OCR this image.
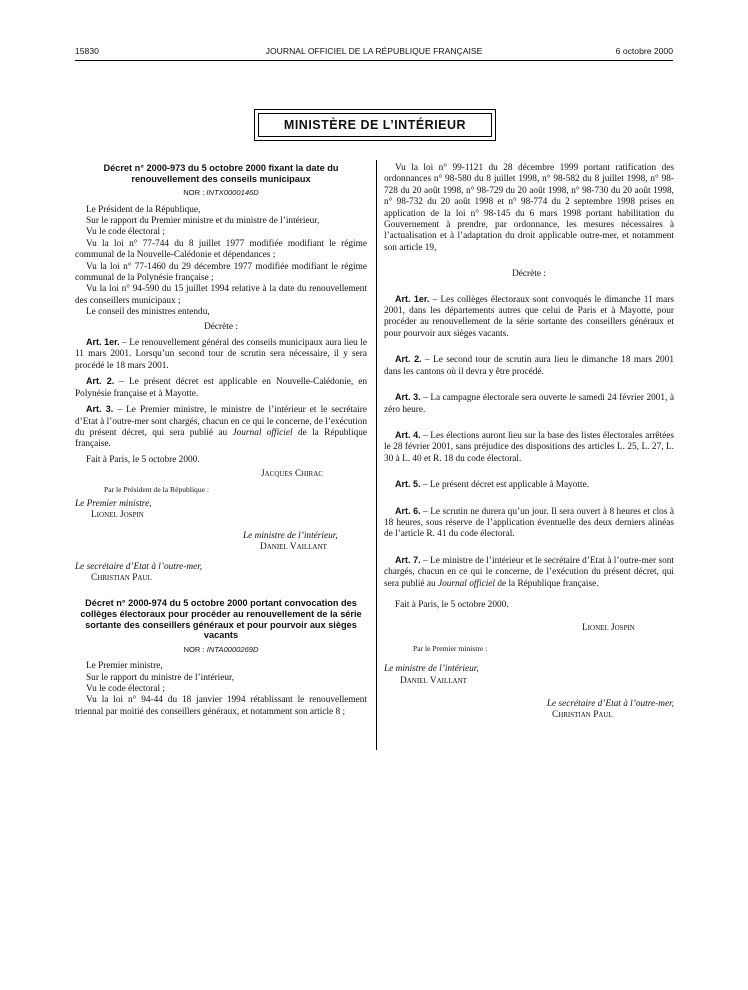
15830	JOURNAL OFFICIEL DE LA RÉPUBLIQUE FRANÇAISE	6 octobre 2000
MINISTÈRE DE L’INTÉRIEUR

Décret n° 2000-973 du 5 octobre 2000 fixant la date du renouvellement des conseils municipaux

NOR : INTX0000146D

Le Président de la République,

Sur le rapport du Premier ministre et du ministre de l’intérieur,

Vu le code électoral ;

Vu la loi n° 77-744 du 8 juillet 1977 modifiée modifiant le régime communal de la Nouvelle-Calédonie et dépendances ;

Vu la loi n° 77-1460 du 29 décembre 1977 modifiée modifiant le régime communal de la Polynésie française ;

Vu la loi n° 94-590 du 15 juillet 1994 relative à la date du renouvellement des conseillers municipaux ;

Le conseil des ministres entendu,

Décrète :

Art. 1er. – Le renouvellement général des conseils municipaux aura lieu le 11 mars 2001. Lorsqu’un second tour de scrutin sera nécessaire, il y sera procédé le 18 mars 2001.

Art. 2. – Le présent décret est applicable en Nouvelle-Calédonie, en Polynésie française et à Mayotte.

Art. 3. – Le Premier ministre, le ministre de l’intérieur et le secrétaire d’Etat à l’outre-mer sont chargés, chacun en ce qui le concerne, de l’exécution du présent décret, qui sera publié au Journal officiel de la République française.

Fait à Paris, le 5 octobre 2000.

Jacques Chirac

Par le Président de la République :

Le Premier ministre,

Lionel Jospin

Le ministre de l’intérieur,

Daniel Vaillant

Le secrétaire d’Etat à l’outre-mer,

Christian Paul

Décret n° 2000-974 du 5 octobre 2000 portant convocation des collèges électoraux pour procéder au renouvellement de la série sortante des conseillers généraux et pour pourvoir aux sièges vacants

NOR : INTA0000269D

Le Premier ministre,

Sur le rapport du ministre de l’intérieur,

Vu le code électoral ;

Vu la loi n° 94-44 du 18 janvier 1994 rétablissant le renouvellement triennal par moitié des conseillers généraux, et notamment son article 8 ;

Vu la loi n° 99-1121 du 28 décembre 1999 portant ratification des ordonnances n° 98-580 du 8 juillet 1998, n° 98-582 du 8 juillet 1998, n° 98-728 du 20 août 1998, n° 98-729 du 20 août 1998, n° 98-730 du 20 août 1998, n° 98-732 du 20 août 1998 et n° 98-774 du 2 septembre 1998 prises en application de la loi n° 98-145 du 6 mars 1998 portant habilitation du Gouvernement à prendre, par ordonnance, les mesures nécessaires à l’actualisation et à l’adaptation du droit applicable outre-mer, et notamment son article 19,

Décrète :

Art. 1er. – Les collèges électoraux sont convoqués le dimanche 11 mars 2001, dans les départements autres que celui de Paris et à Mayotte, pour procéder au renouvellement de la série sortante des conseillers généraux et pour pourvoir aux sièges vacants.

Art. 2. – Le second tour de scrutin aura lieu le dimanche 18 mars 2001 dans les cantons où il devra y être procédé.

Art. 3. – La campagne électorale sera ouverte le samedi 24 février 2001, à zéro heure.

Art. 4. – Les élections auront lieu sur la base des listes électorales arrêtées le 28 février 2001, sans préjudice des dispositions des articles L. 25, L. 27, L. 30 à L. 40 et R. 18 du code électoral.

Art. 5. – Le présent décret est applicable à Mayotte.

Art. 6. – Le scrutin ne durera qu’un jour. Il sera ouvert à 8 heures et clos à 18 heures, sous réserve de l’application éventuelle des deux derniers alinéas de l’article R. 41 du code électoral.

Art. 7. – Le ministre de l’intérieur et le secrétaire d’Etat à l’outre-mer sont chargés, chacun en ce qui le concerne, de l’exécution du présent décret, qui sera publié au Journal officiel de la République française.

Fait à Paris, le 5 octobre 2000.

Lionel Jospin

Par le Premier ministre :

Le ministre de l’intérieur,

Daniel Vaillant

Le secrétaire d’Etat à l’outre-mer,

Christian Paul
